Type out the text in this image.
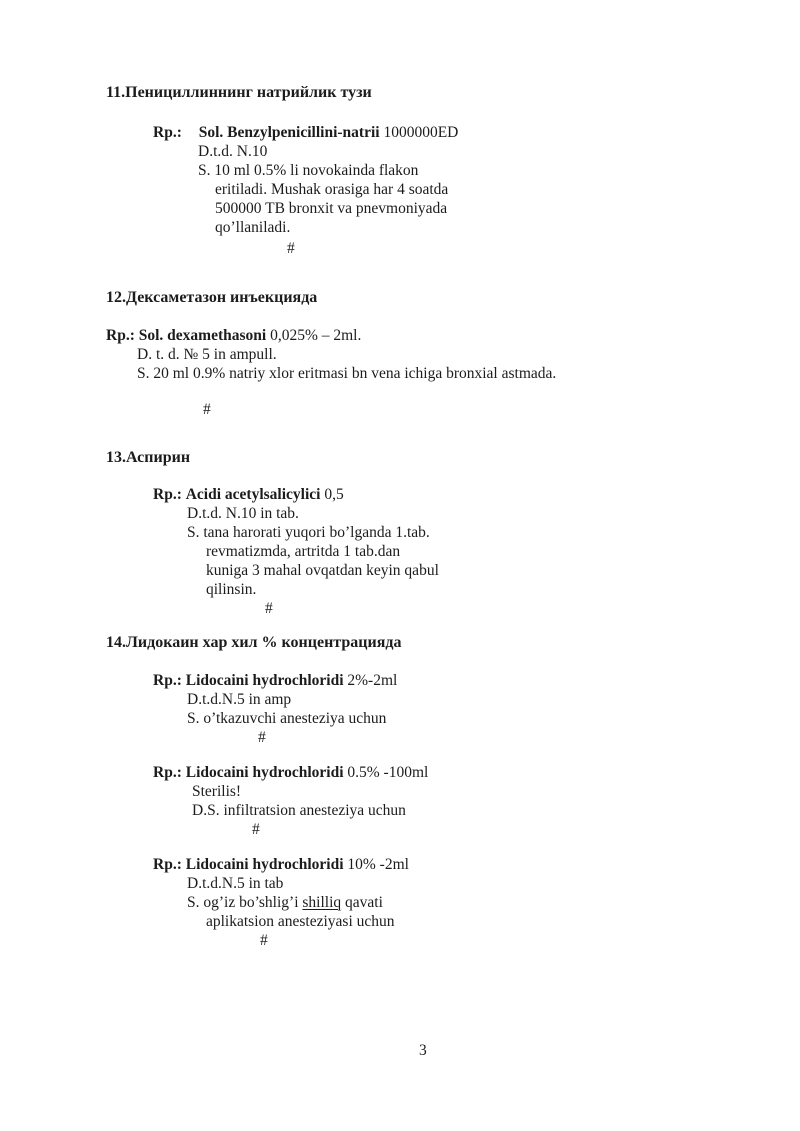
11.Пенициллиннинг натрийлик тузи
Rp.: Sol. Benzylpenicillini-natrii 1000000ED
D.t.d. N.10
S. 10 ml 0.5% li novokainda flakon
eritiladi. Mushak orasiga har 4 soatda
500000 TB bronxit va pnevmoniyada
qo’llaniladi.
#
12.Дексаметазон инъекцияда
Rp.: Sol. dexamethasoni 0,025% – 2ml.
D. t. d. № 5 in ampull.
S. 20 ml 0.9% natriy xlor eritmasi bn vena ichiga bronxial astmada.
#
13.Аспирин
Rp.: Acidi acetylsalicylici 0,5
D.t.d. N.10 in tab.
S. tana harorati yuqori bo’lganda 1.tab.
revmatizmda, artritda 1 tab.dan
kuniga 3 mahal ovqatdan keyin qabul
qilinsin.
#
14.Лидокаин хар хил % концентрацияда
Rp.: Lidocaini hydrochloridi 2%-2ml
D.t.d.N.5 in amp
S. o’tkazuvchi anesteziya uchun
#
Rp.: Lidocaini hydrochloridi 0.5% -100ml
Sterilis!
D.S. infiltratsion anesteziya uchun
#
Rp.: Lidocaini hydrochloridi 10% -2ml
D.t.d.N.5 in tab
S. og’iz bo’shlig’i shilliq qavati
aplikatsion anesteziyasi uchun
#
3
